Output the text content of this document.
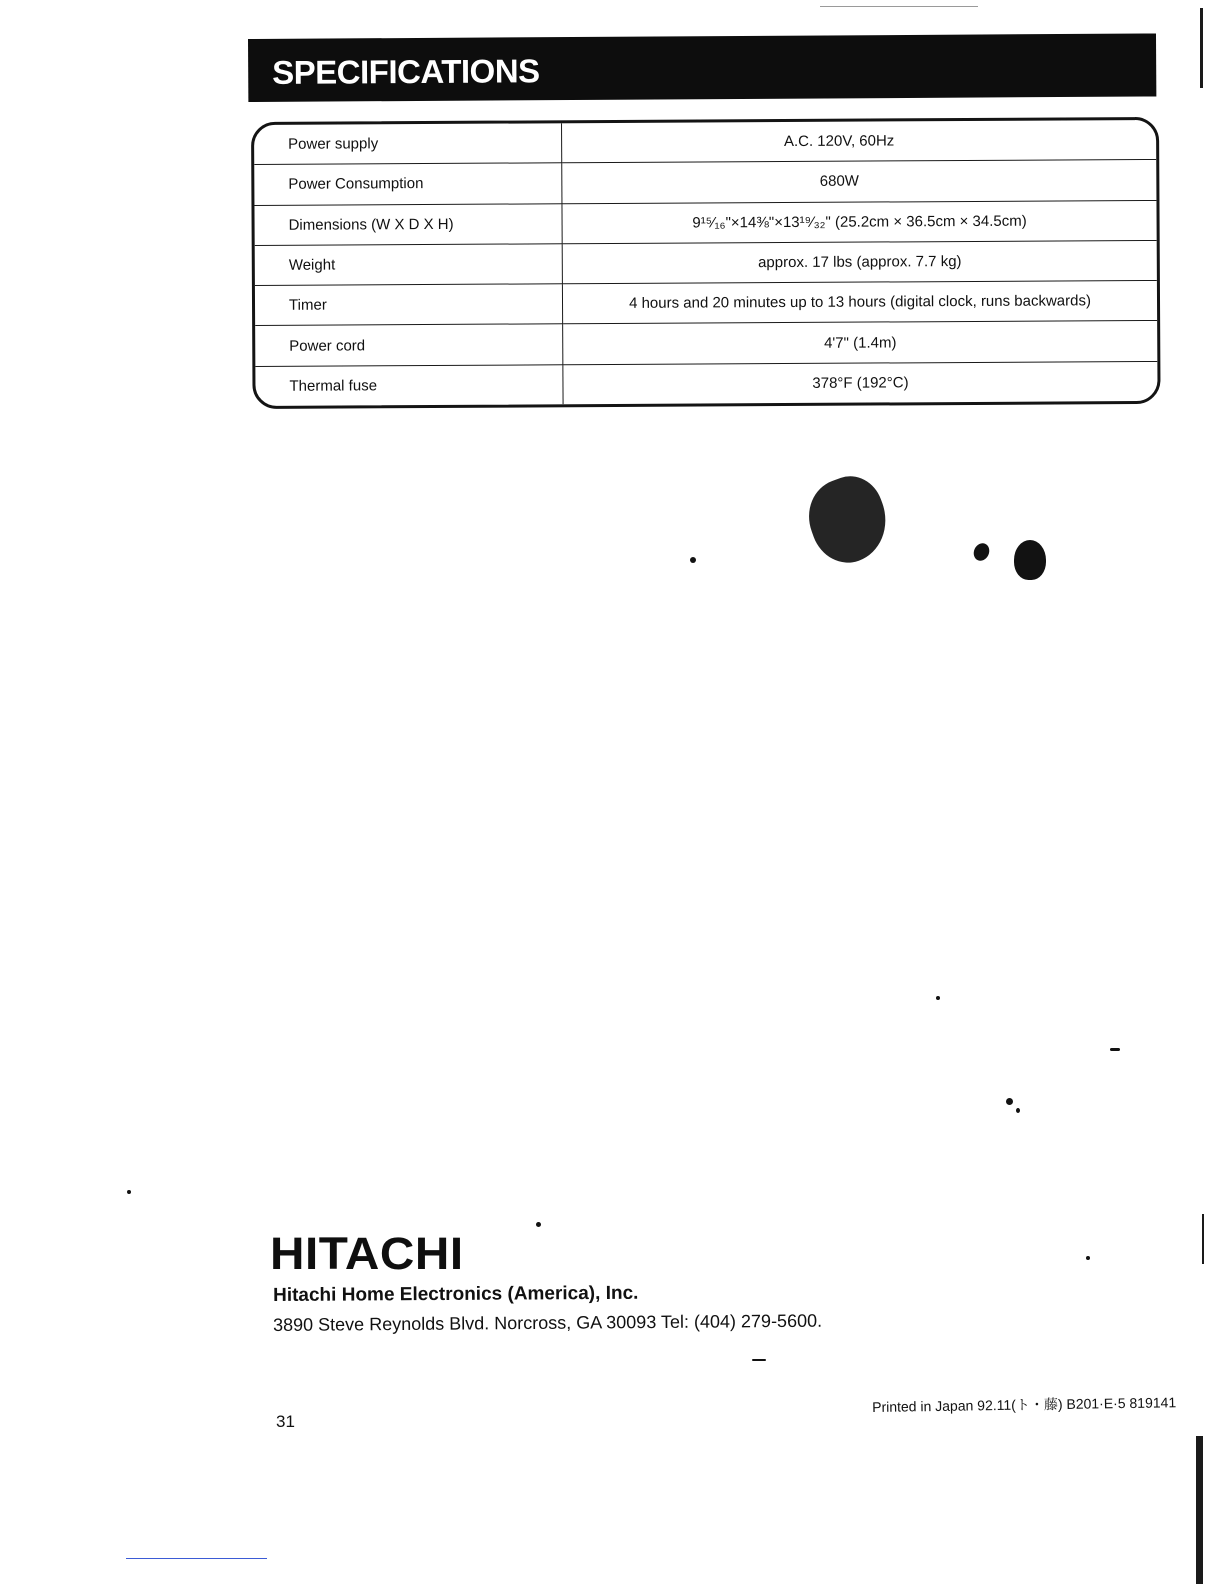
SPECIFICATIONS
Power supply	A.C. 120V, 60Hz
Power Consumption	680W
Dimensions (W X D X H)	9¹⁵⁄₁₆"×14⅜"×13¹⁹⁄₃₂" (25.2cm × 36.5cm × 34.5cm)
Weight	approx. 17 lbs (approx. 7.7 kg)
Timer	4 hours and 20 minutes up to 13 hours (digital clock, runs backwards)
Power cord	4'7" (1.4m)
Thermal fuse	378°F (192°C)
HITACHI

Hitachi Home Electronics (America), Inc.

3890 Steve Reynolds Blvd. Norcross, GA 30093 Tel: (404) 279-5600.

31

Printed in Japan 92.11(ト・藤) B201·E·5 819141
